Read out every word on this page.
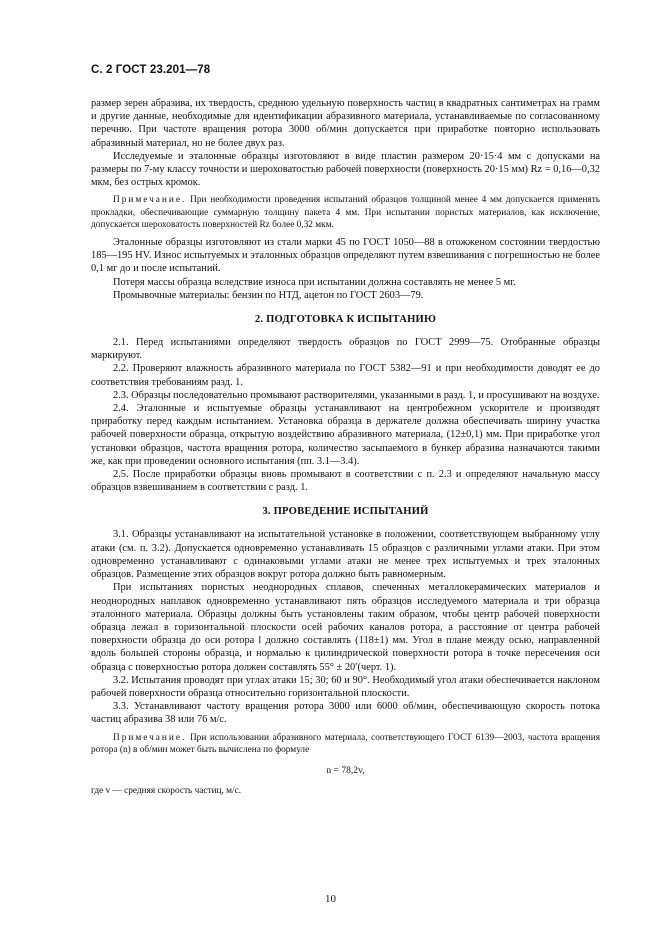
С. 2 ГОСТ 23.201—78

размер зерен абразива, их твердость, среднюю удельную поверхность частиц в квадратных сантиметрах на грамм и другие данные, необходимые для идентификации абразивного материала, устанавливаемые по согласованному перечню. При частоте вращения ротора 3000 об/мин допускается при приработке повторно использовать абразивный материал, но не более двух раз.

Исследуемые и эталонные образцы изготовляют в виде пластин размером 20·15·4 мм с допусками на размеры по 7-му классу точности и шероховатостью рабочей поверхности (поверхность 20·15 мм) Rz = 0,16—0,32 мкм, без острых кромок.

Примечание. При необходимости проведения испытаний образцов толщиной менее 4 мм допускается применять прокладки, обеспечивающие суммарную толщину пакета 4 мм. При испытании пористых материалов, как исключение, допускается шероховатость поверхностей Rz более 0,32 мкм.

Эталонные образцы изготовляют из стали марки 45 по ГОСТ 1050—88 в отожженом состоянии твердостью 185—195 HV. Износ испытуемых и эталонных образцов определяют путем взвешивания с погрешностью не более 0,1 мг до и после испытаний.

Потеря массы образца вследствие износа при испытании должна составлять не менее 5 мг.

Промывочные материалы: бензин по НТД, ацетон по ГОСТ 2603—79.

2. ПОДГОТОВКА К ИСПЫТАНИЮ

2.1. Перед испытаниями определяют твердость образцов по ГОСТ 2999—75. Отобранные образцы маркируют.

2.2. Проверяют влажность абразивного материала по ГОСТ 5382—91 и при необходимости доводят ее до соответствия требованиям разд. 1.

2.3. Образцы последовательно промывают растворителями, указанными в разд. 1, и просушивают на воздухе.

2.4. Эталонные и испытуемые образцы устанавливают на центробежном ускорителе и производят приработку перед каждым испытанием. Установка образца в держателе должна обеспечивать ширину участка рабочей поверхности образца, открытую воздействию абразивного материала, (12±0,1) мм. При приработке угол установки образцов, частота вращения ротора, количество засыпаемого в бункер абразива назначаются такими же, как при проведении основного испытания (пп. 3.1—3.4).

2.5. После приработки образцы вновь промывают в соответствии с п. 2.3 и определяют начальную массу образцов взвешиванием в соответствии с разд. 1.

3. ПРОВЕДЕНИЕ ИСПЫТАНИЙ

3.1. Образцы устанавливают на испытательной установке в положении, соответствующем выбранному углу атаки (см. п. 3.2). Допускается одновременно устанавливать 15 образцов с различными углами атаки. При этом одновременно устанавливают с одинаковыми углами атаки не менее трех испытуемых и трех эталонных образцов. Размещение этих образцов вокруг ротора должно быть равномерным.

При испытаниях пористых неоднородных сплавов, спеченных металлокерамических материалов и неоднородных наплавок одновременно устанавливают пять образцов исследуемого материала и три образца эталонного материала. Образцы должны быть установлены таким образом, чтобы центр рабочей поверхности образца лежал в горизонтальной плоскости осей рабочих каналов ротора, а расстояние от центра рабочей поверхности образца до оси ротора l должно составлять (118±1) мм. Угол в плане между осью, направленной вдоль большей стороны образца, и нормалью к цилиндрической поверхности ротора в точке пересечения оси образца с поверхностью ротора должен составлять 55° ± 20′(черт. 1).

3.2. Испытания проводят при углах атаки 15; 30; 60 и 90°. Необходимый угол атаки обеспечивается наклоном рабочей поверхности образца относительно горизонтальной плоскости.

3.3. Устанавливают частоту вращения ротора 3000 или 6000 об/мин, обеспечивающую скорость потока частиц абразива 38 или 76 м/с.

Примечание. При использовании абразивного материала, соответствующего ГОСТ 6139—2003, частота вращения ротора (n) в об/мин может быть вычислена по формуле

n = 78,2v,
где v — средняя скорость частиц, м/с.
10
